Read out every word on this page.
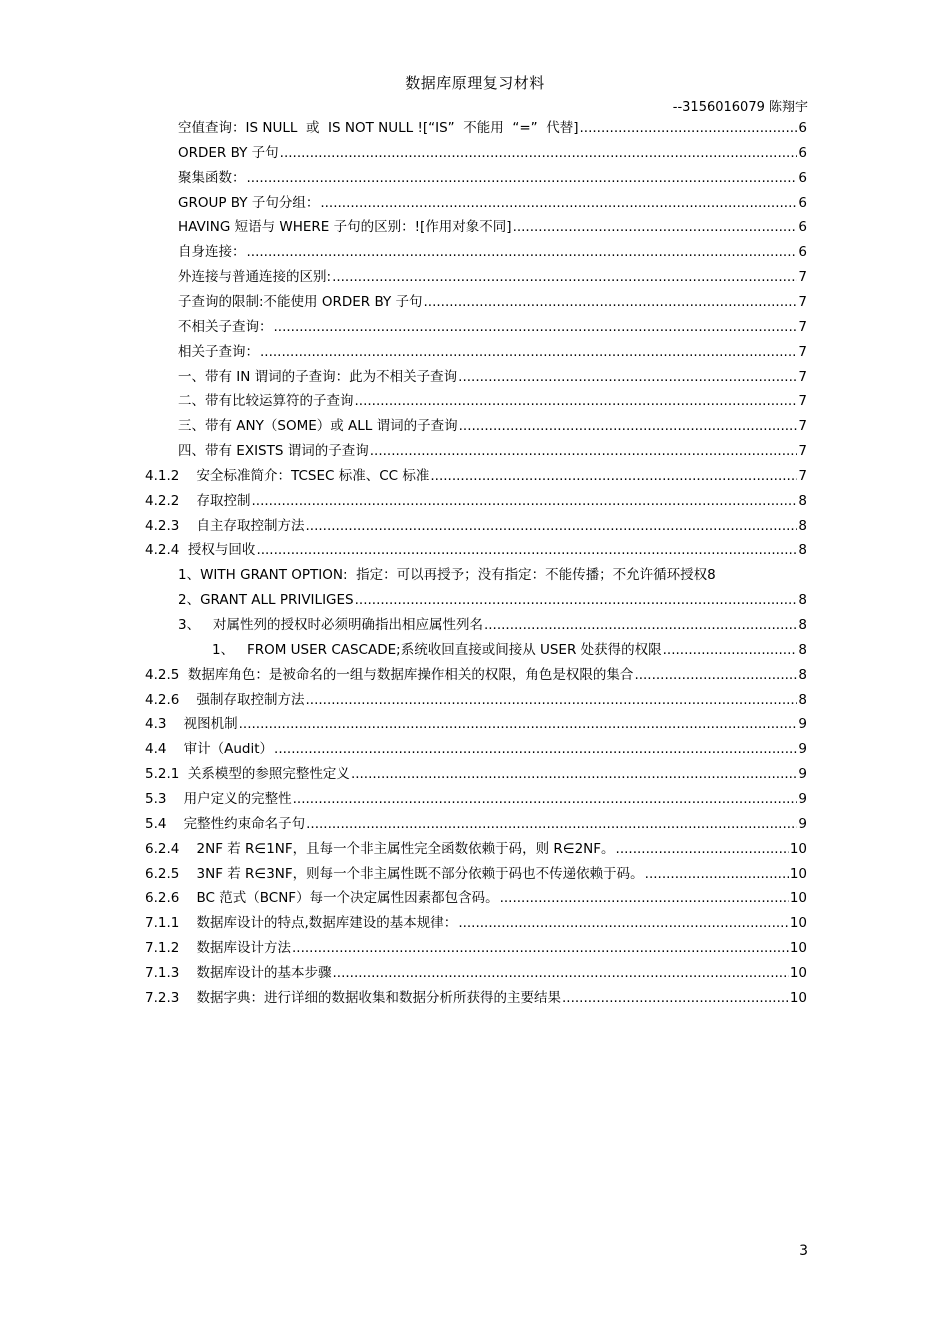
数据库原理复习材料
--3156016079 陈翔宇
空值查询：IS NULL  或  IS NOT NULL ![“IS”  不能用  “=”  代替] .....	6
ORDER BY 子句 .....	6
聚集函数： .....	6
GROUP BY 子句分组： .....	6
HAVING 短语与 WHERE 子句的区别：![作用对象不同] .....	6
自身连接： .....	6
外连接与普通连接的区别: .....	7
子查询的限制:不能使用 ORDER BY 子句 .....	7
不相关子查询： .....	7
相关子查询： .....	7
一、带有 IN 谓词的子查询：此为不相关子查询 .....	7
二、带有比较运算符的子查询 .....	7
三、带有 ANY（SOME）或 ALL 谓词的子查询 .....	7
四、带有 EXISTS 谓词的子查询 .....	7
4.1.2    安全标准简介：TCSEC 标准、CC 标准 .....	7
4.2.2    存取控制 .....	8
4.2.3    自主存取控制方法 .....	8
4.2.4  授权与回收 .....	8
1、WITH GRANT OPTION:  指定：可以再授予；没有指定：不能传播；不允许循环授权 8
2、GRANT ALL PRIVILIGES .....	8
3、   对属性列的授权时必须明确指出相应属性列名 .....	8
1、   FROM USER CASCADE;系统收回直接或间接从 USER 处获得的权限 .....	8
4.2.5  数据库角色：是被命名的一组与数据库操作相关的权限，角色是权限的集合 .....	8
4.2.6    强制存取控制方法 .....	8
4.3    视图机制 .....	9
4.4    审计（Audit） .....	9
5.2.1  关系模型的参照完整性定义 .....	9
5.3    用户定义的完整性 .....	9
5.4    完整性约束命名子句 .....	9
6.2.4    2NF 若 R∈1NF，且每一个非主属性完全函数依赖于码，则 R∈2NF。 .....	10
6.2.5    3NF 若 R∈3NF，则每一个非主属性既不部分依赖于码也不传递依赖于码。 .....	10
6.2.6    BC 范式（BCNF）每一个决定属性因素都包含码。 .....	10
7.1.1    数据库设计的特点,数据库建设的基本规律： .....	10
7.1.2    数据库设计方法 .....	10
7.1.3    数据库设计的基本步骤 .....	10
7.2.3    数据字典：进行详细的数据收集和数据分析所获得的主要结果 .....	10
3
